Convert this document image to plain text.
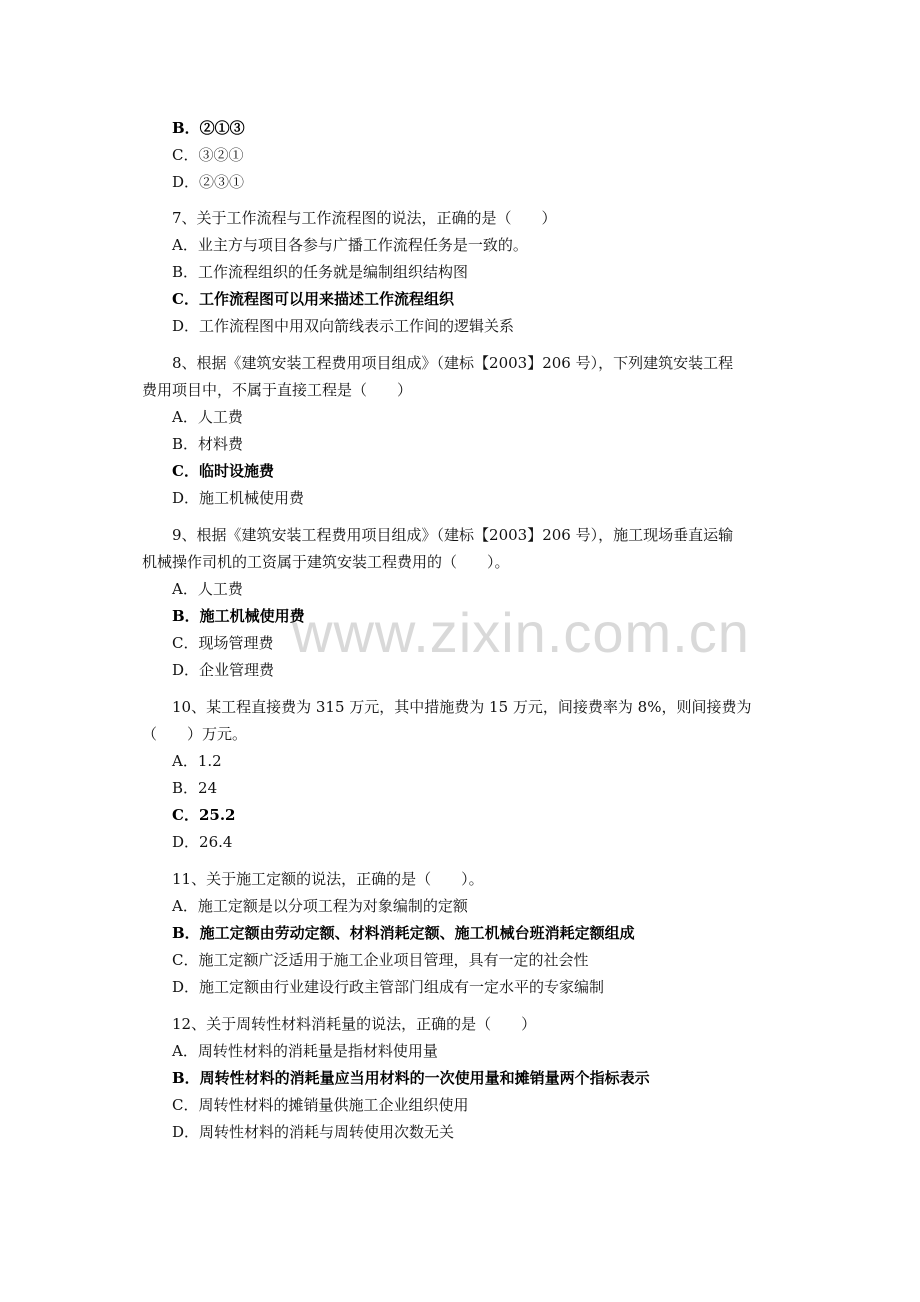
B．②①③
C．③②①
D．②③①
7、关于工作流程与工作流程图的说法，正确的是（　　）
A．业主方与项目各参与广播工作流程任务是一致的。
B．工作流程组织的任务就是编制组织结构图
C．工作流程图可以用来描述工作流程组织
D．工作流程图中用双向箭线表示工作间的逻辑关系
8、根据《建筑安装工程费用项目组成》（建标【2003】206 号），下列建筑安装工程
费用项目中，不属于直接工程是（　　）
A．人工费
B．材料费
C．临时设施费
D．施工机械使用费
9、根据《建筑安装工程费用项目组成》（建标【2003】206 号），施工现场垂直运输
机械操作司机的工资属于建筑安装工程费用的（　　）。
A．人工费
B．施工机械使用费
C．现场管理费
D．企业管理费
10、某工程直接费为 315 万元，其中措施费为 15 万元，间接费率为 8%，则间接费为
（　　）万元。
A．1.2
B．24
C．25.2
D．26.4
11、关于施工定额的说法，正确的是（　　）。
A．施工定额是以分项工程为对象编制的定额
B．施工定额由劳动定额、材料消耗定额、施工机械台班消耗定额组成
C．施工定额广泛适用于施工企业项目管理，具有一定的社会性
D．施工定额由行业建设行政主管部门组成有一定水平的专家编制
12、关于周转性材料消耗量的说法，正确的是（　　）
A．周转性材料的消耗量是指材料使用量
B．周转性材料的消耗量应当用材料的一次使用量和摊销量两个指标表示
C．周转性材料的摊销量供施工企业组织使用
D．周转性材料的消耗与周转使用次数无关
www.zixin.com.cn
